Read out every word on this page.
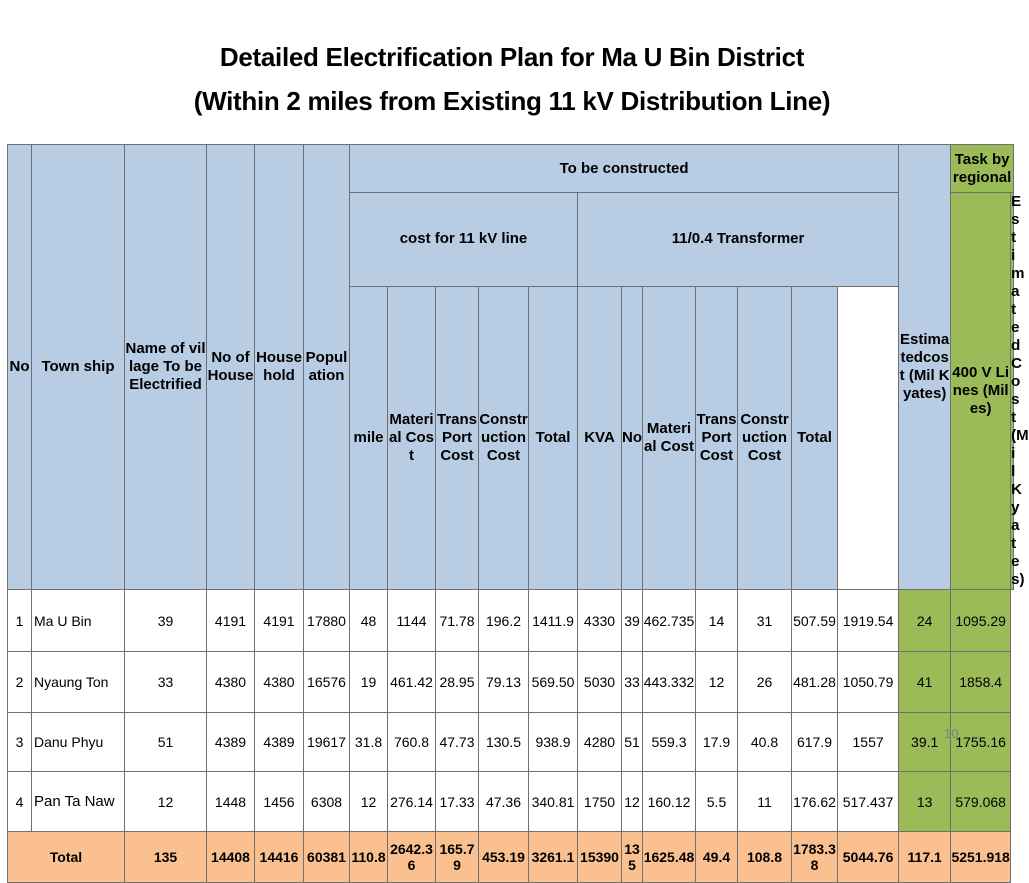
Detailed Electrification Plan for Ma U Bin District
(Within 2 miles from Existing 11 kV Distribution Line)
No	Town ship	Name of village To be Electrified	No of House	House hold	Population	To be constructed												Estimatedcost (Mil Kyates)	Task by regional	
						cost for 11 kV line					11/0.4 Transformer								400 V Lines (Miles)	EstimatedCost (Mil Kyates)
						mile	Material Cost	TransPort Cost	Construction Cost	Total	KVA	No	Material Cost	Trans Port Cost	Construction Cost	Total				
1	Ma U Bin	39	4191	4191	17880	48	1144	71.78	196.2	1411.9	4330	39	462.735	14	31	507.59	1919.54	24	1095.29	
2	Nyaung Ton	33	4380	4380	16576	19	461.42	28.95	79.13	569.50	5030	33	443.332	12	26	481.28	1050.79	41	1858.4	
3	Danu Phyu	51	4389	4389	19617	31.8	760.8	47.73	130.5	938.9	4280	51	559.3	17.9	40.8	617.9	1557	39.1	1755.16	
4	Pan Ta Naw	12	1448	1456	6308	12	276.14	17.33	47.36	340.81	1750	12	160.12	5.5	11	176.62	517.437	13	579.068	
Total		135	14408	14416	60381	110.8	2642.36	165.79	453.19	3261.1	15390	135	1625.48	49.4	108.8	1783.38	5044.76	117.1	5251.918	
10
